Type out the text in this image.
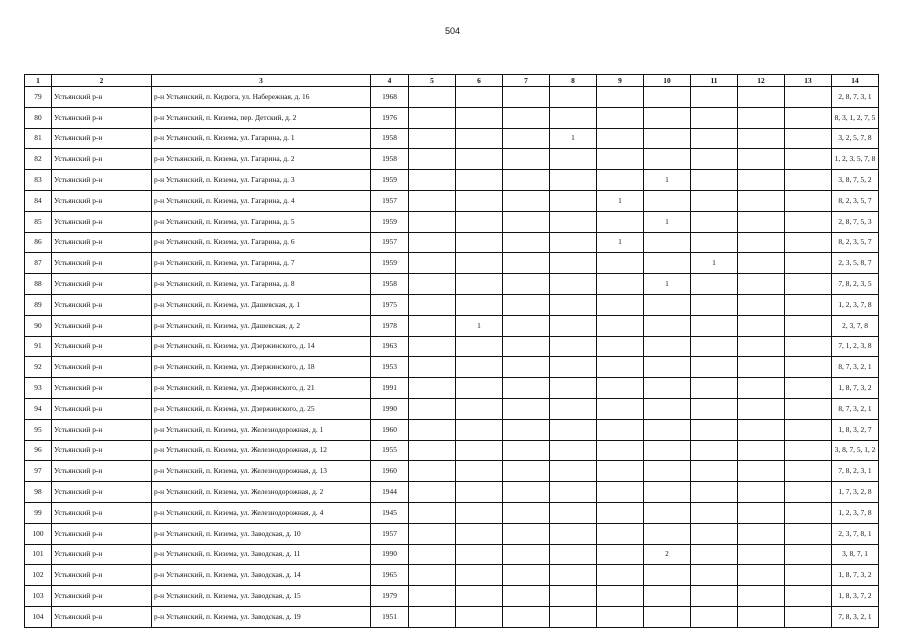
504
1	2	3	4	5	6	7	8	9	10	11	12	13	14
79	Устьянский р-н	р-н Устьянский, п. Кидюга, ул. Набережная, д. 16	1968										2, 8, 7, 3, 1
80	Устьянский р-н	р-н Устьянский, п. Кизема, пер. Детский, д. 2	1976										8, 3, 1, 2, 7, 5
81	Устьянский р-н	р-н Устьянский, п. Кизема, ул. Гагарина, д. 1	1958				1						3, 2, 5, 7, 8
82	Устьянский р-н	р-н Устьянский, п. Кизема, ул. Гагарина, д. 2	1958										1, 2, 3, 5, 7, 8
83	Устьянский р-н	р-н Устьянский, п. Кизема, ул. Гагарина, д. 3	1959						1				3, 8, 7, 5, 2
84	Устьянский р-н	р-н Устьянский, п. Кизема, ул. Гагарина, д. 4	1957					1					8, 2, 3, 5, 7
85	Устьянский р-н	р-н Устьянский, п. Кизема, ул. Гагарина, д. 5	1959						1				2, 8, 7, 5, 3
86	Устьянский р-н	р-н Устьянский, п. Кизема, ул. Гагарина, д. 6	1957					1					8, 2, 3, 5, 7
87	Устьянский р-н	р-н Устьянский, п. Кизема, ул. Гагарина, д. 7	1959							1			2, 3, 5, 8, 7
88	Устьянский р-н	р-н Устьянский, п. Кизема, ул. Гагарина, д. 8	1958						1				7, 8, 2, 3, 5
89	Устьянский р-н	р-н Устьянский, п. Кизема, ул. Дашевская, д. 1	1975										1, 2, 3, 7, 8
90	Устьянский р-н	р-н Устьянский, п. Кизема, ул. Дашевская, д. 2	1978		1								2, 3, 7, 8
91	Устьянский р-н	р-н Устьянский, п. Кизема, ул. Дзержинского, д. 14	1963										7, 1, 2, 3, 8
92	Устьянский р-н	р-н Устьянский, п. Кизема, ул. Дзержинского, д. 18	1953										8, 7, 3, 2, 1
93	Устьянский р-н	р-н Устьянский, п. Кизема, ул. Дзержинского, д. 21	1991										1, 8, 7, 3, 2
94	Устьянский р-н	р-н Устьянский, п. Кизема, ул. Дзержинского, д. 25	1990										8, 7, 3, 2, 1
95	Устьянский р-н	р-н Устьянский, п. Кизема, ул. Железнодорожная, д. 1	1960										1, 8, 3, 2, 7
96	Устьянский р-н	р-н Устьянский, п. Кизема, ул. Железнодорожная, д. 12	1955										3, 8, 7, 5, 1, 2
97	Устьянский р-н	р-н Устьянский, п. Кизема, ул. Железнодорожная, д. 13	1960										7, 8, 2, 3, 1
98	Устьянский р-н	р-н Устьянский, п. Кизема, ул. Железнодорожная, д. 2	1944										1, 7, 3, 2, 8
99	Устьянский р-н	р-н Устьянский, п. Кизема, ул. Железнодорожная, д. 4	1945										1, 2, 3, 7, 8
100	Устьянский р-н	р-н Устьянский, п. Кизема, ул. Заводская, д. 10	1957										2, 3, 7, 8, 1
101	Устьянский р-н	р-н Устьянский, п. Кизема, ул. Заводская, д. 11	1990						2				3, 8, 7, 1
102	Устьянский р-н	р-н Устьянский, п. Кизема, ул. Заводская, д. 14	1965										1, 8, 7, 3, 2
103	Устьянский р-н	р-н Устьянский, п. Кизема, ул. Заводская, д. 15	1979										1, 8, 3, 7, 2
104	Устьянский р-н	р-н Устьянский, п. Кизема, ул. Заводская, д. 19	1951										7, 8, 3, 2, 1
